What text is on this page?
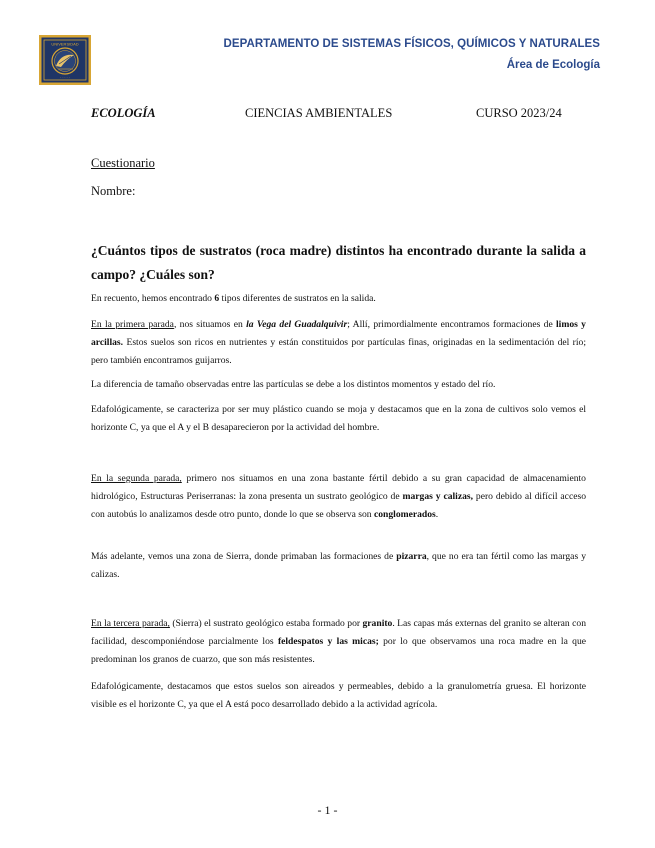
UNIVERSIDAD
· · · · ·
DEPARTAMENTO DE SISTEMAS FÍSICOS, QUÍMICOS Y NATURALES
Área de Ecología
ECOLOGÍA	CIENCIAS AMBIENTALES	CURSO 2023/24
Cuestionario
Nombre:
¿Cuántos tipos de sustratos (roca madre) distintos ha encontrado durante la salida a campo? ¿Cuáles son?

En recuento, hemos encontrado 6 tipos diferentes de sustratos en la salida.

En la primera parada, nos situamos en la Vega del Guadalquivir; Allí, primordialmente encontramos formaciones de limos y arcillas. Estos suelos son ricos en nutrientes y están constituidos por partículas finas, originadas en la sedimentación del río; pero también encontramos guijarros.

La diferencia de tamaño observadas entre las partículas se debe a los distintos momentos y estado del río.

Edafológicamente, se caracteriza por ser muy plástico cuando se moja y destacamos que en la zona de cultivos solo vemos el horizonte C, ya que el A y el B desaparecieron por la actividad del hombre.

En la segunda parada, primero nos situamos en una zona bastante fértil debido a su gran capacidad de almacenamiento hidrológico, Estructuras Periserranas: la zona presenta un sustrato geológico de margas y calizas, pero debido al difícil acceso con autobús lo analizamos desde otro punto, donde lo que se observa son conglomerados.

Más adelante, vemos una zona de Sierra, donde primaban las formaciones de pizarra, que no era tan fértil como las margas y calizas.

En la tercera parada, (Sierra) el sustrato geológico estaba formado por granito. Las capas más externas del granito se alteran con facilidad, descomponiéndose parcialmente los feldespatos y las micas; por lo que observamos una roca madre en la que predominan los granos de cuarzo, que son más resistentes.

Edafológicamente, destacamos que estos suelos son aireados y permeables, debido a la granulometría gruesa. El horizonte visible es el horizonte C, ya que el A está poco desarrollado debido a la actividad agrícola.

- 1 -
